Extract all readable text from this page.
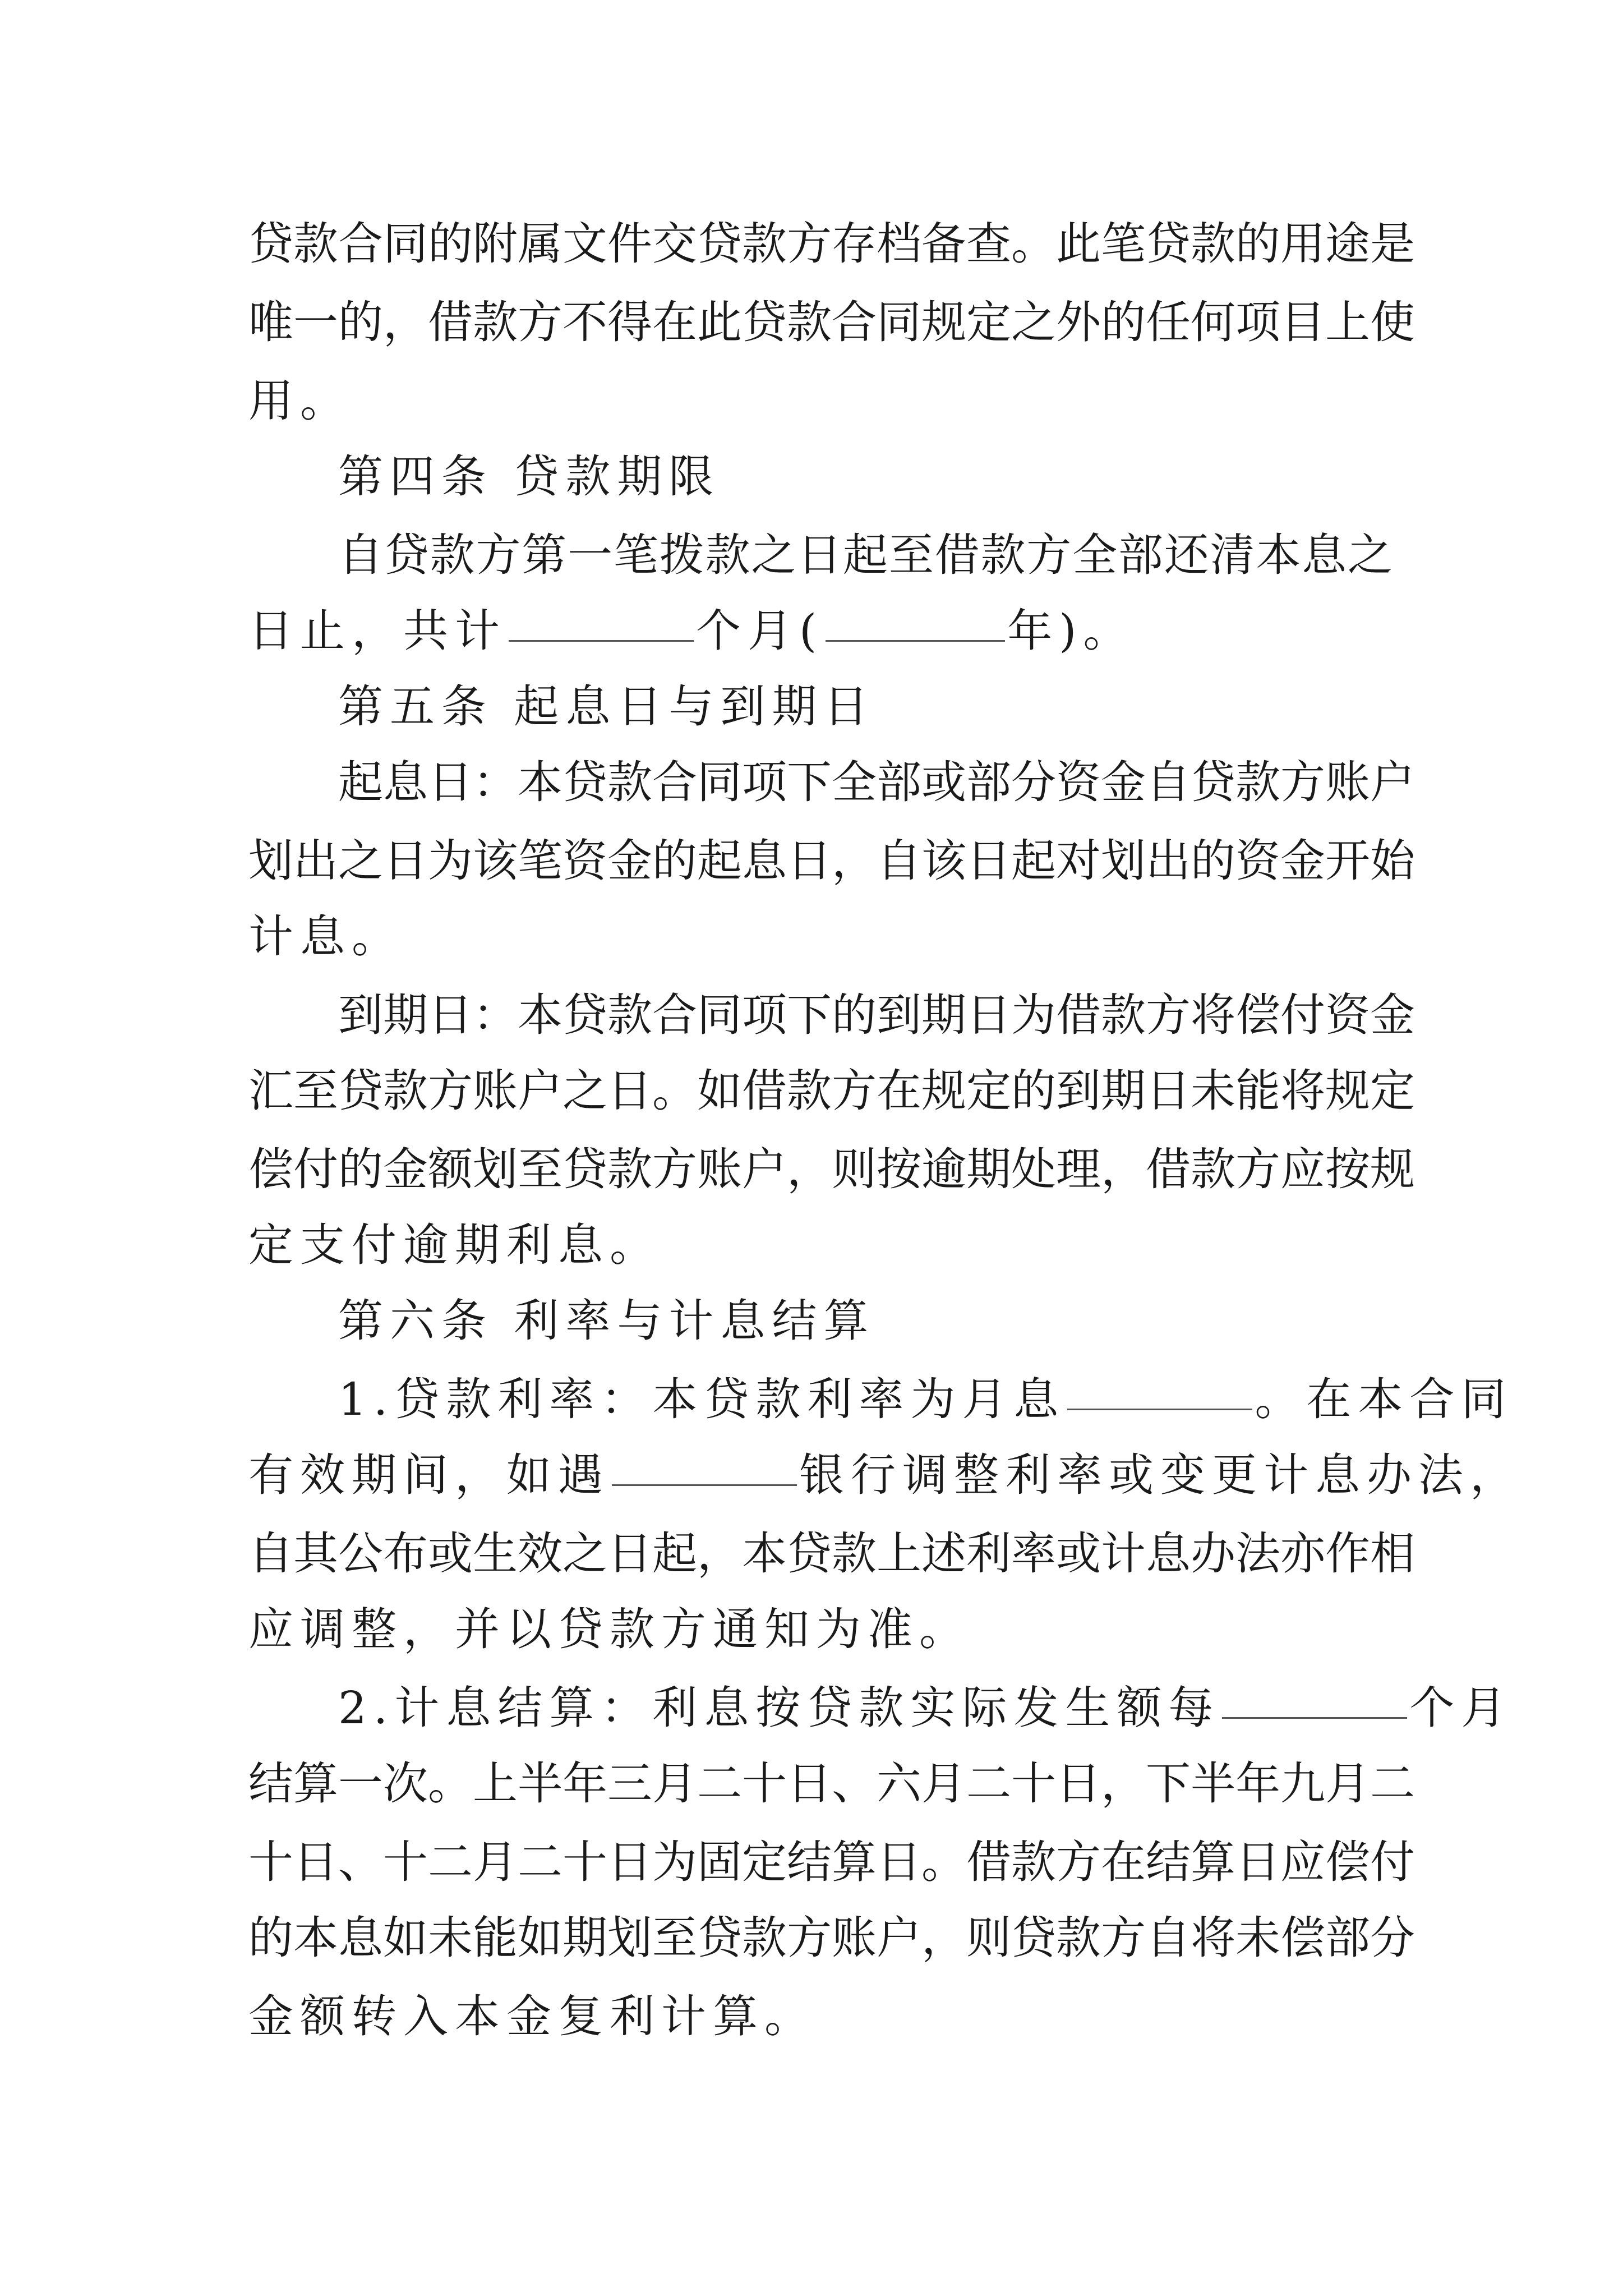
贷款合同的附属文件交贷款方存档备查。此笔贷款的用途是
唯一的，借款方不得在此贷款合同规定之外的任何项目上使
用。
第四条 贷款期限
自贷款方第一笔拨款之日起至借款方全部还清本息之
日止，共计	个月(	年)。
第五条 起息日与到期日
起息日：本贷款合同项下全部或部分资金自贷款方账户
划出之日为该笔资金的起息日，自该日起对划出的资金开始
计息。
到期日：本贷款合同项下的到期日为借款方将偿付资金
汇至贷款方账户之日。如借款方在规定的到期日未能将规定
偿付的金额划至贷款方账户，则按逾期处理，借款方应按规
定支付逾期利息。
第六条 利率与计息结算
1.贷款利率：本贷款利率为月息	。在本合同
有效期间，如遇	银行调整利率或变更计息办法，
自其公布或生效之日起，本贷款上述利率或计息办法亦作相
应调整，并以贷款方通知为准。
2.计息结算：利息按贷款实际发生额每	个月
结算一次。上半年三月二十日、六月二十日，下半年九月二
十日、十二月二十日为固定结算日。借款方在结算日应偿付
的本息如未能如期划至贷款方账户，则贷款方自将未偿部分
金额转入本金复利计算。
